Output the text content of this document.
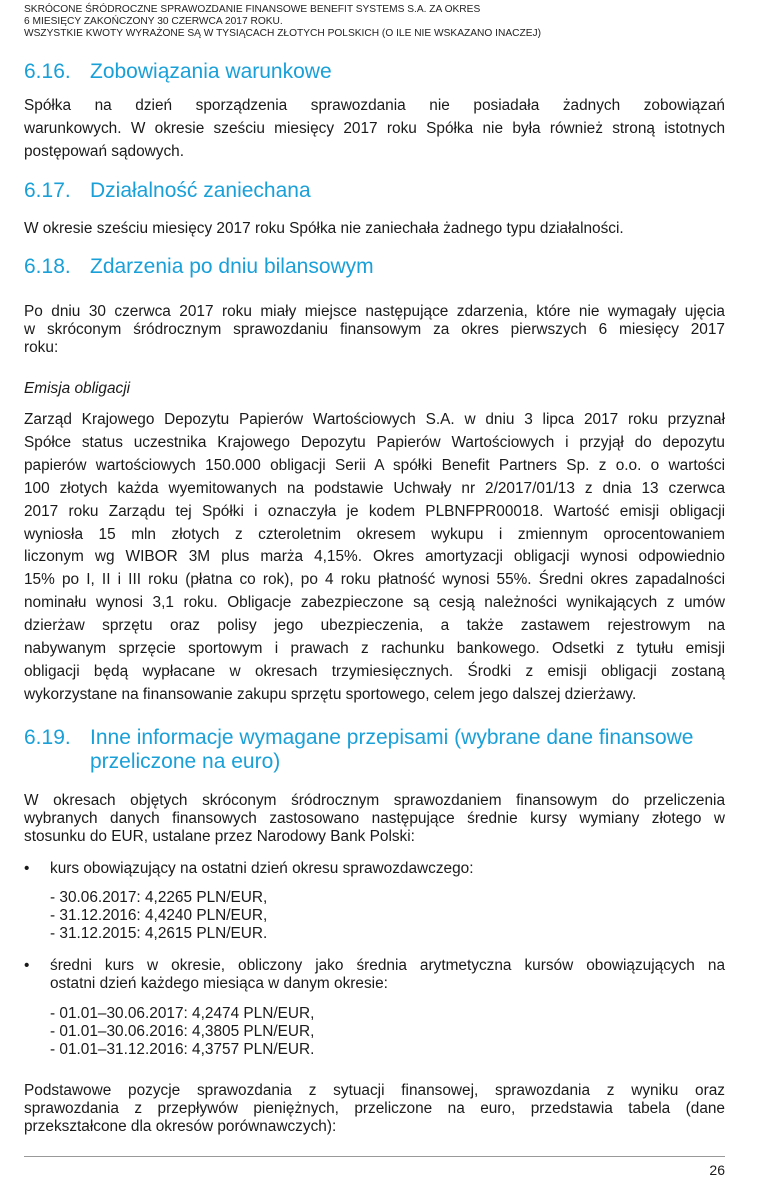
SKRÓCONE ŚRÓDROCZNE SPRAWOZDANIE FINANSOWE BENEFIT SYSTEMS S.A. ZA OKRES
6 MIESIĘCY ZAKOŃCZONY 30 CZERWCA 2017 ROKU.
WSZYSTKIE KWOTY WYRAŻONE SĄ W TYSIĄCACH ZŁOTYCH POLSKICH (O ILE NIE WSKAZANO INACZEJ)
6.16. Zobowiązania warunkowe
Spółka na dzień sporządzenia sprawozdania nie posiadała żadnych zobowiązań
warunkowych. W okresie sześciu miesięcy 2017 roku Spółka nie była również stroną istotnych
postępowań sądowych.
6.17. Działalność zaniechana
W okresie sześciu miesięcy 2017 roku Spółka nie zaniechała żadnego typu działalności.
6.18. Zdarzenia po dniu bilansowym
Po dniu 30 czerwca 2017 roku miały miejsce następujące zdarzenia, które nie wymagały ujęcia
w skróconym śródrocznym sprawozdaniu finansowym za okres pierwszych 6 miesięcy 2017
roku:
Emisja obligacji
Zarząd Krajowego Depozytu Papierów Wartościowych S.A. w dniu 3 lipca 2017 roku przyznał
Spółce status uczestnika Krajowego Depozytu Papierów Wartościowych i przyjął do depozytu
papierów wartościowych 150.000 obligacji Serii A spółki Benefit Partners Sp. z o.o. o wartości
100 złotych każda wyemitowanych na podstawie Uchwały nr 2/2017/01/13 z dnia 13 czerwca
2017 roku Zarządu tej Spółki i oznaczyła je kodem PLBNFPR00018. Wartość emisji obligacji
wyniosła 15 mln złotych z czteroletnim okresem wykupu i zmiennym oprocentowaniem
liczonym wg WIBOR 3M plus marża 4,15%. Okres amortyzacji obligacji wynosi odpowiednio
15% po I, II i III roku (płatna co rok), po 4 roku płatność wynosi 55%. Średni okres zapadalności
nominału wynosi 3,1 roku. Obligacje zabezpieczone są cesją należności wynikających z umów
dzierżaw sprzętu oraz polisy jego ubezpieczenia, a także zastawem rejestrowym na
nabywanym sprzęcie sportowym i prawach z rachunku bankowego. Odsetki z tytułu emisji
obligacji będą wypłacane w okresach trzymiesięcznych. Środki z emisji obligacji zostaną
wykorzystane na finansowanie zakupu sprzętu sportowego, celem jego dalszej dzierżawy.
6.19. Inne informacje wymagane przepisami (wybrane dane finansowe
przeliczone na euro)
W okresach objętych skróconym śródrocznym sprawozdaniem finansowym do przeliczenia
wybranych danych finansowych zastosowano następujące średnie kursy wymiany złotego w
stosunku do EUR, ustalane przez Narodowy Bank Polski:
• kurs obowiązujący na ostatni dzień okresu sprawozdawczego:
- 30.06.2017: 4,2265 PLN/EUR,
- 31.12.2016: 4,4240 PLN/EUR,
- 31.12.2015: 4,2615 PLN/EUR.
• średni kurs w okresie, obliczony jako średnia arytmetyczna kursów obowiązujących na
ostatni dzień każdego miesiąca w danym okresie:
- 01.01–30.06.2017: 4,2474 PLN/EUR,
- 01.01–30.06.2016: 4,3805 PLN/EUR,
- 01.01–31.12.2016: 4,3757 PLN/EUR.
Podstawowe pozycje sprawozdania z sytuacji finansowej, sprawozdania z wyniku oraz
sprawozdania z przepływów pieniężnych, przeliczone na euro, przedstawia tabela (dane
przekształcone dla okresów porównawczych):
26
